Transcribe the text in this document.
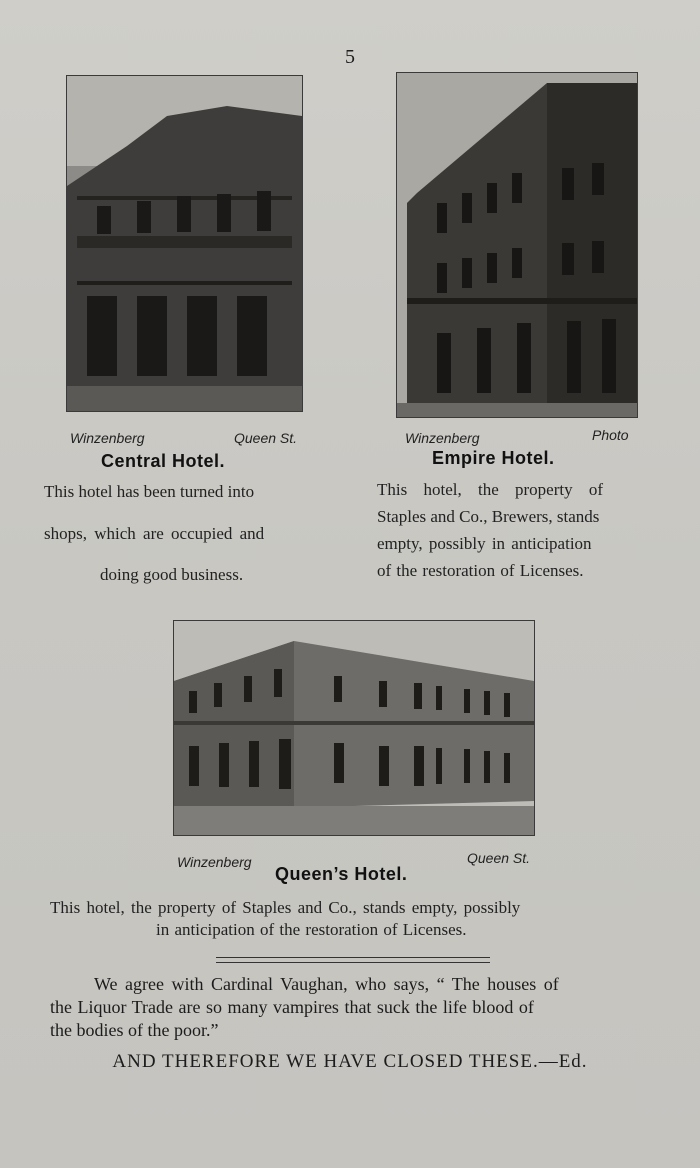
5
Winzenberg	Queen St.
Central Hotel.

This hotel has been turned into

shops, which are occupied and

doing good business.

Winzenberg	Photo
Empire Hotel.

This hotel, the property of

Staples and Co., Brewers, stands

empty, possibly in anticipation

of the restoration of Licenses.

Winzenberg	Queen St.
Queen’s Hotel.

This hotel, the property of Staples and Co., stands empty, possibly

in anticipation of the restoration of Licenses.

We agree with Cardinal Vaughan, who says, “ The houses of

the Liquor Trade are so many vampires that suck the life blood of

the bodies of the poor.”

AND THEREFORE WE HAVE CLOSED THESE.—Ed.
